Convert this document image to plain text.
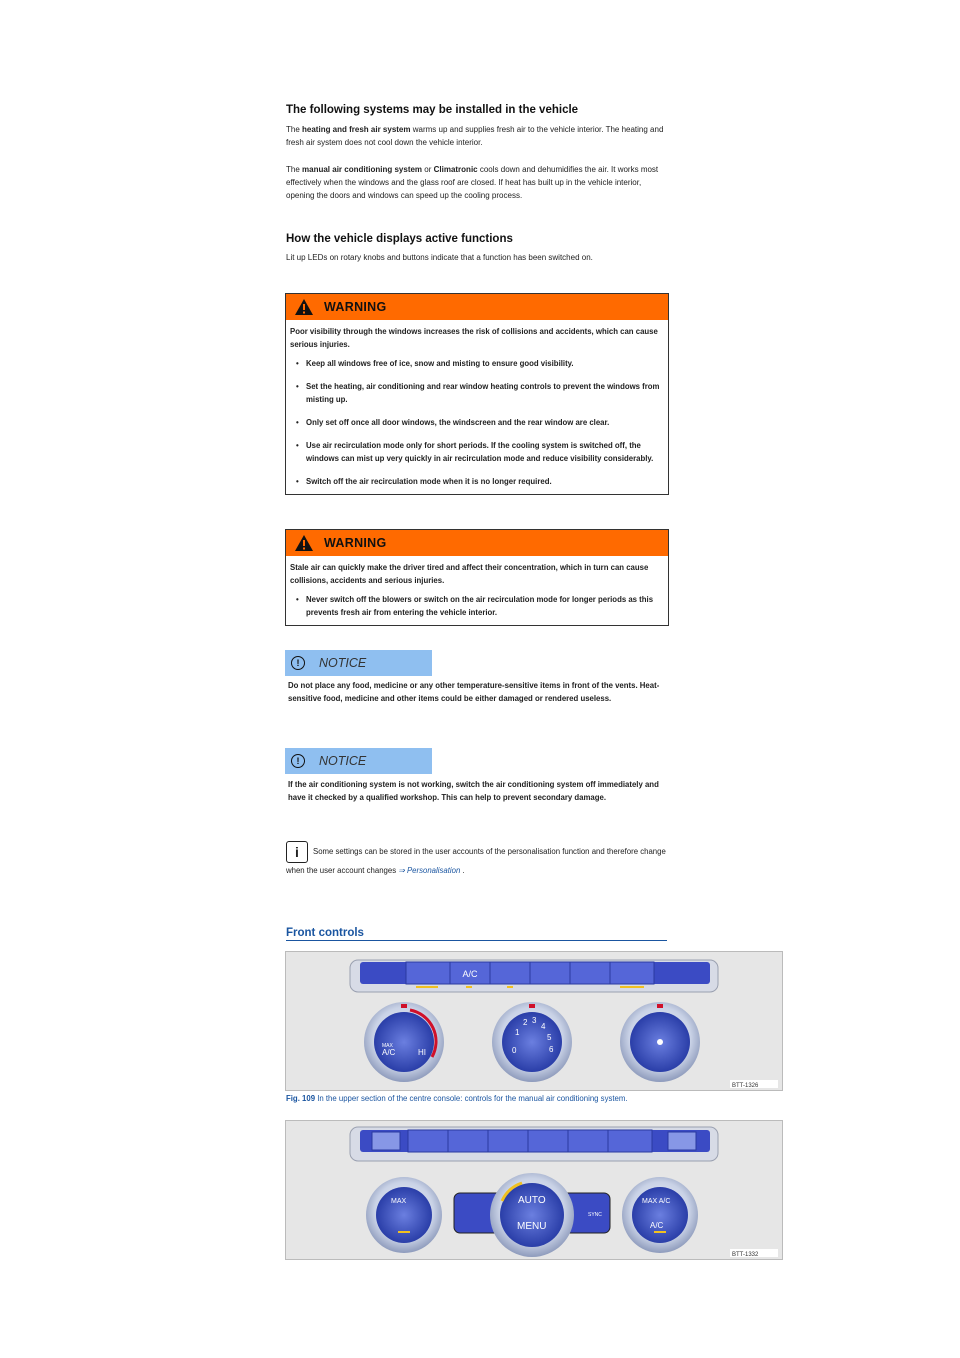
The following systems may be installed in the vehicle

The heating and fresh air system warms up and supplies fresh air to the vehicle interior. The heating and fresh air system does not cool down the vehicle interior.

The manual air conditioning system or Climatronic cools down and dehumidifies the air. It works most effectively when the windows and the glass roof are closed. If heat has built up in the vehicle interior, opening the doors and windows can speed up the cooling process.

How the vehicle displays active functions

Lit up LEDs on rotary knobs and buttons indicate that a function has been switched on.

WARNING
Poor visibility through the windows increases the risk of collisions and accidents, which can cause serious injuries.
• Keep all windows free of ice, snow and misting to ensure good visibility.
• Set the heating, air conditioning and rear window heating controls to prevent the windows from misting up.
• Only set off once all door windows, the windscreen and the rear window are clear.
• Use air recirculation mode only for short periods. If the cooling system is switched off, the windows can mist up very quickly in air recirculation mode and reduce visibility considerably.
• Switch off the air recirculation mode when it is no longer required.
WARNING
Stale air can quickly make the driver tired and affect their concentration, which in turn can cause collisions, accidents and serious injuries.
• Never switch off the blowers or switch on the air recirculation mode for longer periods as this prevents fresh air from entering the vehicle interior.
!	NOTICE

Do not place any food, medicine or any other temperature-sensitive items in front of the vents. Heat-sensitive food, medicine and other items could be either damaged or rendered useless.

!	NOTICE

If the air conditioning system is not working, switch the air conditioning system off immediately and have it checked by a qualified workshop. This can help to prevent secondary damage.

i Some settings can be stored in the user accounts of the personalisation function and therefore change when the user account changes ⇒ Personalisation .
Front controls
A/C
MAX
A/C	HI	0
1
2 3
4
5
6
BTT-1326
Fig. 109 In the upper section of the centre console: controls for the manual air conditioning system.
MAX	AUTO
MENU
SYNC
MAX A/C
A/C
BTT-1332
